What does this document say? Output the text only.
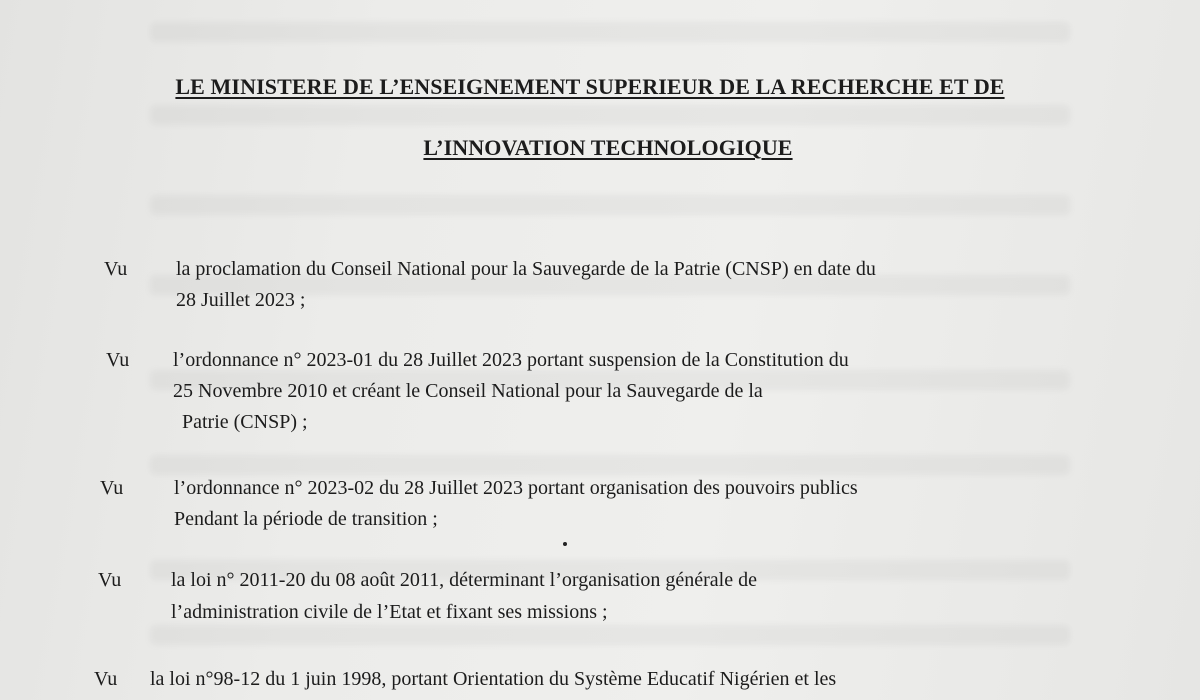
LE MINISTERE DE L’ENSEIGNEMENT SUPERIEUR DE LA RECHERCHE ET DE
L’INNOVATION TECHNOLOGIQUE
Vu la proclamation du Conseil National pour la Sauvegarde de la Patrie (CNSP) en date du
28 Juillet 2023 ;
Vu l’ordonnance n° 2023-01 du 28 Juillet 2023 portant suspension de la Constitution du
25 Novembre 2010 et créant le Conseil National pour la Sauvegarde de la
Patrie (CNSP) ;
Vu	l’ordonnance n° 2023-02 du 28 Juillet 2023 portant organisation des pouvoirs publics
Pendant la période de transition ;
Vu la loi n° 2011-20 du 08 août 2011, déterminant l’organisation générale de
l’administration civile de l’Etat et fixant ses missions ;
Vu la loi n°98-12 du 1 juin 1998, portant Orientation du Système Educatif Nigérien et les
